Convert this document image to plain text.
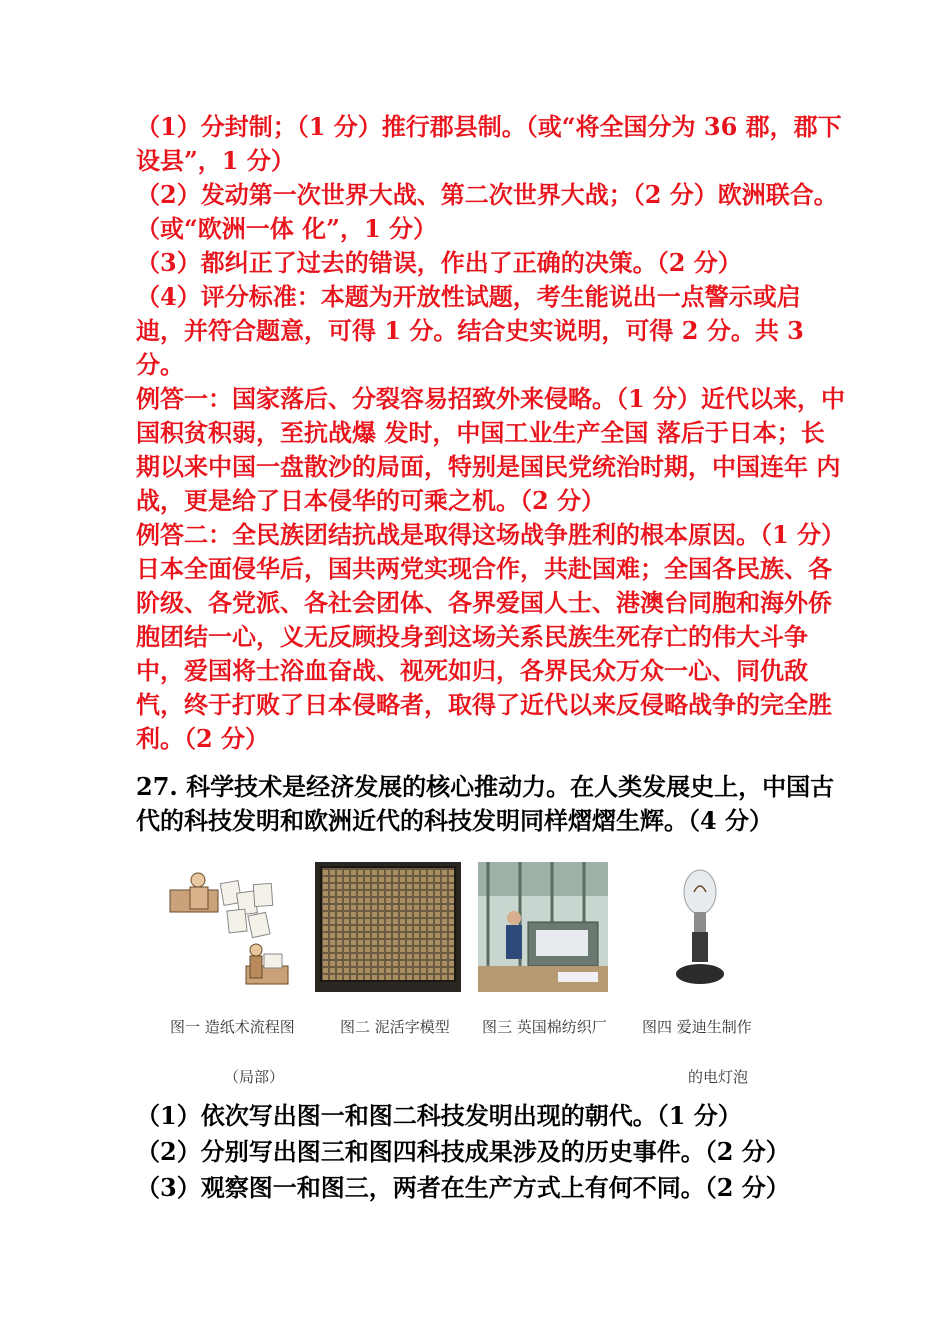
（1）分封制；（1 分）推行郡县制。（或“将全国分为 36 郡，郡下设县”，1 分）

（2）发动第一次世界大战、第二次世界大战；（2 分）欧洲联合。（或“欧洲一体 化”，1 分）

（3）都纠正了过去的错误，作出了正确的决策。（2 分）

（4）评分标准：本题为开放性试题，考生能说出一点警示或启迪，并符合题意，可得 1 分。结合史实说明，可得 2 分。共 3 分。

例答一：国家落后、分裂容易招致外来侵略。（1 分）近代以来，中国积贫积弱，至抗战爆 发时，中国工业生产全国 落后于日本；长期以来中国一盘散沙的局面，特别是国民党统治时期，中国连年 内战，更是给了日本侵华的可乘之机。（2 分）

例答二：全民族团结抗战是取得这场战争胜利的根本原因。（1 分）日本全面侵华后，国共两党实现合作，共赴国难；全国各民族、各阶级、各党派、各社会团体、各界爱国人士、港澳台同胞和海外侨胞团结一心，义无反顾投身到这场关系民族生死存亡的伟大斗争中，爱国将士浴血奋战、视死如归，各界民众万众一心、同仇敌忾，终于打败了日本侵略者，取得了近代以来反侵略战争的完全胜利。（2 分）

27. 科学技术是经济发展的核心推动力。在人类发展史上，中国古代的科技发明和欧洲近代的科技发明同样熠熠生辉。（4 分）

图一 造纸术流程图
（局部）
图二 泥活字模型 图三 英国棉纺织厂 图四 爱迪生制作
的电灯泡

（1）依次写出图一和图二科技发明出现的朝代。（1 分）

（2）分别写出图三和图四科技成果涉及的历史事件。（2 分）

（3）观察图一和图三，两者在生产方式上有何不同。（2 分）
